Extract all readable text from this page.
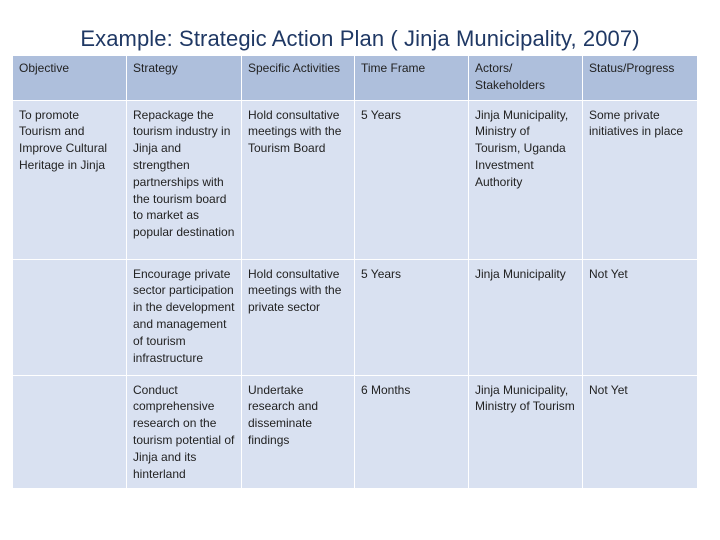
Example: Strategic Action Plan ( Jinja Municipality, 2007)
Objective	Strategy	Specific Activities	Time Frame	Actors/ Stakeholders	Status/Progress
To promote Tourism and Improve Cultural Heritage in Jinja	Repackage the tourism industry in Jinja and strengthen partnerships with the tourism board to market as popular destination	Hold consultative meetings with the Tourism Board	5 Years	Jinja Municipality, Ministry of Tourism, Uganda Investment Authority	Some private initiatives in place
	Encourage private sector participation in the development and management of tourism infrastructure	Hold consultative meetings with the private sector	5 Years	Jinja Municipality	Not Yet
	Conduct comprehensive research on the tourism potential of Jinja and its hinterland	Undertake research and disseminate findings	6 Months	Jinja Municipality, Ministry of Tourism	Not Yet
